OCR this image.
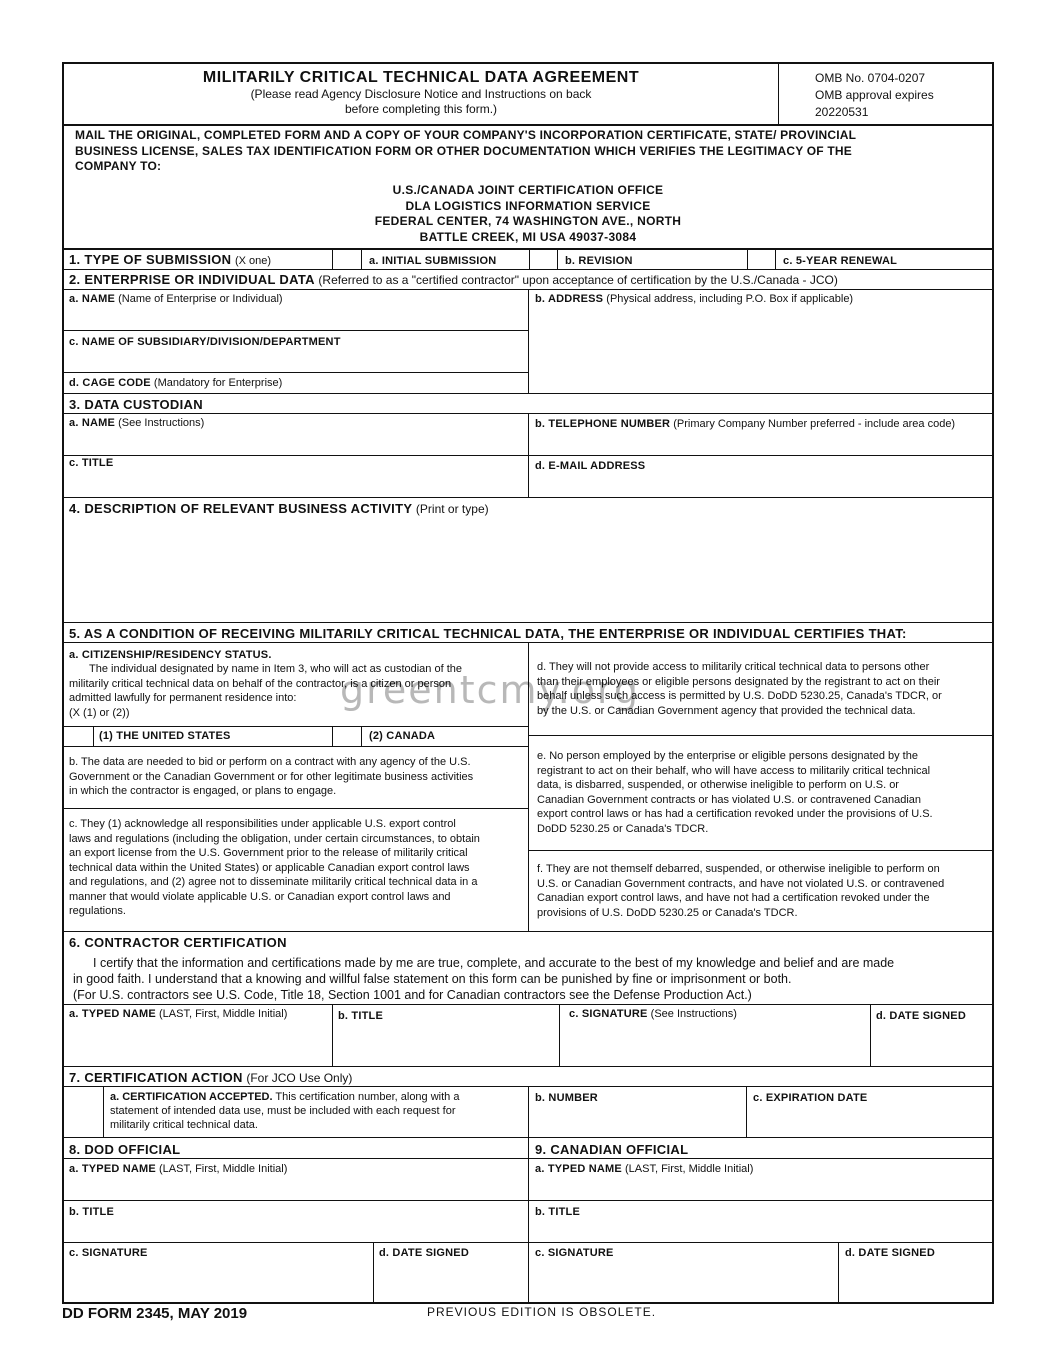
MILITARILY CRITICAL TECHNICAL DATA AGREEMENT
(Please read Agency Disclosure Notice and Instructions on back
before completing this form.)
OMB No. 0704-0207
OMB approval expires
20220531
MAIL THE ORIGINAL, COMPLETED FORM AND A COPY OF YOUR COMPANY'S INCORPORATION CERTIFICATE, STATE/ PROVINCIAL
BUSINESS LICENSE, SALES TAX IDENTIFICATION FORM OR OTHER DOCUMENTATION WHICH VERIFIES THE LEGITIMACY OF THE
COMPANY TO:
U.S./CANADA JOINT CERTIFICATION OFFICE
DLA LOGISTICS INFORMATION SERVICE
FEDERAL CENTER, 74 WASHINGTON AVE., NORTH
BATTLE CREEK, MI USA 49037-3084
1. TYPE OF SUBMISSION (X one)	a. INITIAL SUBMISSION	b. REVISION	c. 5-YEAR RENEWAL
2. ENTERPRISE OR INDIVIDUAL DATA (Referred to as a "certified contractor" upon acceptance of certification by the U.S./Canada - JCO)
a. NAME (Name of Enterprise or Individual)	b. ADDRESS (Physical address, including P.O. Box if applicable)
c. NAME OF SUBSIDIARY/DIVISION/DEPARTMENT
d. CAGE CODE (Mandatory for Enterprise)
3. DATA CUSTODIAN
a. NAME (See Instructions)	b. TELEPHONE NUMBER (Primary Company Number preferred - include area code)
c. TITLE	d. E-MAIL ADDRESS
4. DESCRIPTION OF RELEVANT BUSINESS ACTIVITY (Print or type)
5. AS A CONDITION OF RECEIVING MILITARILY CRITICAL TECHNICAL DATA, THE ENTERPRISE OR INDIVIDUAL CERTIFIES THAT:
a. CITIZENSHIP/RESIDENCY STATUS.
The individual designated by name in Item 3, who will act as custodian of the
militarily critical technical data on behalf of the contractor, is a citizen or person
admitted lawfully for permanent residence into:
(X (1) or (2))
(1) THE UNITED STATES	(2) CANADA
b. The data are needed to bid or perform on a contract with any agency of the U.S.
Government or the Canadian Government or for other legitimate business activities
in which the contractor is engaged, or plans to engage.
c. They (1) acknowledge all responsibilities under applicable U.S. export control
laws and regulations (including the obligation, under certain circumstances, to obtain
an export license from the U.S. Government prior to the release of militarily critical
technical data within the United States) or applicable Canadian export control laws
and regulations, and (2) agree not to disseminate militarily critical technical data in a
manner that would violate applicable U.S. or Canadian export control laws and
regulations.
d. They will not provide access to militarily critical technical data to persons other
than their employees or eligible persons designated by the registrant to act on their
behalf unless such access is permitted by U.S. DoDD 5230.25, Canada's TDCR, or
by the U.S. or Canadian Government agency that provided the technical data.
e. No person employed by the enterprise or eligible persons designated by the
registrant to act on their behalf, who will have access to militarily critical technical
data, is disbarred, suspended, or otherwise ineligible to perform on U.S. or
Canadian Government contracts or has violated U.S. or contravened Canadian
export control laws or has had a certification revoked under the provisions of U.S.
DoDD 5230.25 or Canada's TDCR.
f. They are not themself debarred, suspended, or otherwise ineligible to perform on
U.S. or Canadian Government contracts, and have not violated U.S. or contravened
Canadian export control laws, and have not had a certification revoked under the
provisions of U.S. DoDD 5230.25 or Canada's TDCR.
6. CONTRACTOR CERTIFICATION
I certify that the information and certifications made by me are true, complete, and accurate to the best of my knowledge and belief and are made
in good faith. I understand that a knowing and willful false statement on this form can be punished by fine or imprisonment or both.
(For U.S. contractors see U.S. Code, Title 18, Section 1001 and for Canadian contractors see the Defense Production Act.)
a. TYPED NAME (LAST, First, Middle Initial)	b. TITLE	c. SIGNATURE (See Instructions)	d. DATE SIGNED
7. CERTIFICATION ACTION (For JCO Use Only)
a. CERTIFICATION ACCEPTED. This certification number, along with a
statement of intended data use, must be included with each request for
militarily critical technical data.
b. NUMBER	c. EXPIRATION DATE
8. DOD OFFICIAL	9. CANADIAN OFFICIAL
a. TYPED NAME (LAST, First, Middle Initial)	a. TYPED NAME (LAST, First, Middle Initial)
b. TITLE	b. TITLE
c. SIGNATURE	d. DATE SIGNED	c. SIGNATURE	d. DATE SIGNED
greentcmy.org
DD FORM 2345, MAY 2019	PREVIOUS EDITION IS OBSOLETE.
